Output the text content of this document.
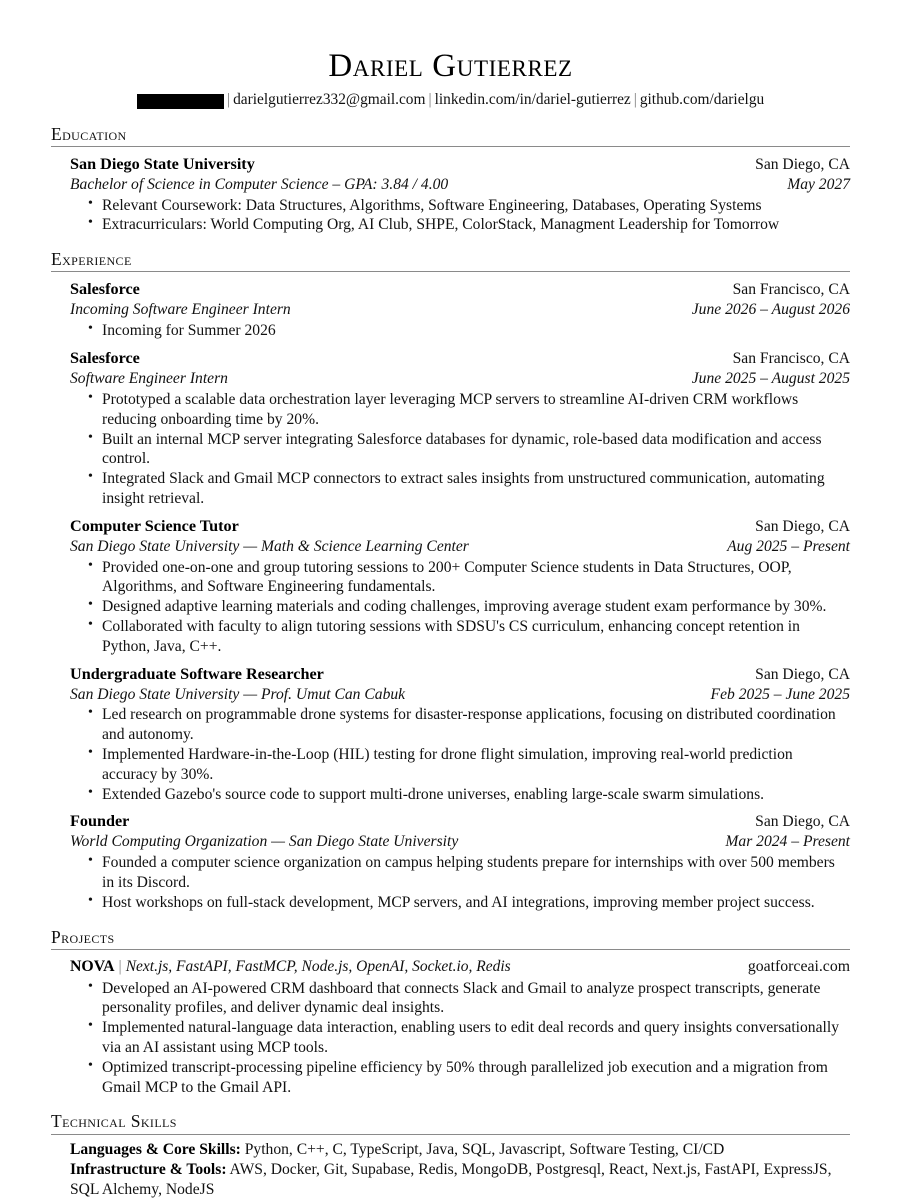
Dariel Gutierrez
| darielgutierrez332@gmail.com | linkedin.com/in/dariel-gutierrez | github.com/darielgu
Education
San Diego State University	San Diego, CA
Bachelor of Science in Computer Science – GPA: 3.84 / 4.00	May 2027
• Relevant Coursework: Data Structures, Algorithms, Software Engineering, Databases, Operating Systems
• Extracurriculars: World Computing Org, AI Club, SHPE, ColorStack, Managment Leadership for Tomorrow
Experience
Salesforce	San Francisco, CA
Incoming Software Engineer Intern	June 2026 – August 2026
• Incoming for Summer 2026
Salesforce	San Francisco, CA
Software Engineer Intern	June 2025 – August 2025
• Prototyped a scalable data orchestration layer leveraging MCP servers to streamline AI-driven CRM workflows reducing onboarding time by 20%.
• Built an internal MCP server integrating Salesforce databases for dynamic, role-based data modification and access control.
• Integrated Slack and Gmail MCP connectors to extract sales insights from unstructured communication, automating insight retrieval.
Computer Science Tutor	San Diego, CA
San Diego State University — Math & Science Learning Center	Aug 2025 – Present
• Provided one-on-one and group tutoring sessions to 200+ Computer Science students in Data Structures, OOP, Algorithms, and Software Engineering fundamentals.
• Designed adaptive learning materials and coding challenges, improving average student exam performance by 30%.
• Collaborated with faculty to align tutoring sessions with SDSU's CS curriculum, enhancing concept retention in Python, Java, C++.
Undergraduate Software Researcher	San Diego, CA
San Diego State University — Prof. Umut Can Cabuk	Feb 2025 – June 2025
• Led research on programmable drone systems for disaster-response applications, focusing on distributed coordination and autonomy.
• Implemented Hardware-in-the-Loop (HIL) testing for drone flight simulation, improving real-world prediction accuracy by 30%.
• Extended Gazebo's source code to support multi-drone universes, enabling large-scale swarm simulations.
Founder	San Diego, CA
World Computing Organization — San Diego State University	Mar 2024 – Present
• Founded a computer science organization on campus helping students prepare for internships with over 500 members in its Discord.
• Host workshops on full-stack development, MCP servers, and AI integrations, improving member project success.
Projects
NOVA | Next.js, FastAPI, FastMCP, Node.js, OpenAI, Socket.io, Redis	goatforceai.com
• Developed an AI-powered CRM dashboard that connects Slack and Gmail to analyze prospect transcripts, generate personality profiles, and deliver dynamic deal insights.
• Implemented natural-language data interaction, enabling users to edit deal records and query insights conversationally via an AI assistant using MCP tools.
• Optimized transcript-processing pipeline efficiency by 50% through parallelized job execution and a migration from Gmail MCP to the Gmail API.
Technical Skills
Languages & Core Skills: Python, C++, C, TypeScript, Java, SQL, Javascript, Software Testing, CI/CD
Infrastructure & Tools: AWS, Docker, Git, Supabase, Redis, MongoDB, Postgresql, React, Next.js, FastAPI, ExpressJS, SQL Alchemy, NodeJS
